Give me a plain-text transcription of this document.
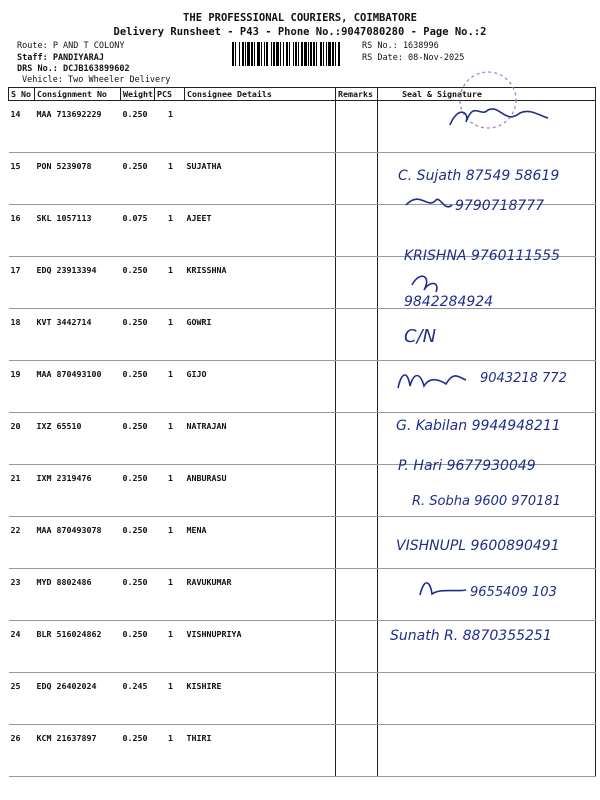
THE PROFESSIONAL COURIERS, COIMBATORE
Delivery Runsheet - P43 - Phone No.:9047080280 - Page No.:2
Route: P AND T COLONY
Staff: PANDIYARAJ
DRS No.: DCJB163899602
Vehicle: Two Wheeler Delivery
RS No.: 1638996
RS Date: 08-Nov-2025
S No	Consignment No	Weight	PCS	Consignee Details	Remarks	Seal & Signature
14	MAA 713692229	0.250	1			
15	PON 5239078	0.250	1	SUJATHA		
16	SKL 1057113	0.075	1	AJEET		
17	EDQ 23913394	0.250	1	KRISSHNA		
18	KVT 3442714	0.250	1	GOWRI		
19	MAA 870493100	0.250	1	GIJO		
20	IXZ 65510	0.250	1	NATRAJAN		
21	IXM 2319476	0.250	1	ANBURASU		
22	MAA 870493078	0.250	1	MENA		
23	MYD 8802486	0.250	1	RAVUKUMAR		
24	BLR 516024862	0.250	1	VISHNUPRIYA		
25	EDQ 26402024	0.245	1	KISHIRE		
26	KCM 21637897	0.250	1	THIRI		
C. Sujath 87549 58619
9790718777
KRISHNA 9760111555
9842284924
C/N
9043218 772
G. Kabilan 9944948211
P. Hari 9677930049
R. Sobha 9600 970181
VISHNUPL 9600890491
9655409 103
Sunath R. 8870355251
